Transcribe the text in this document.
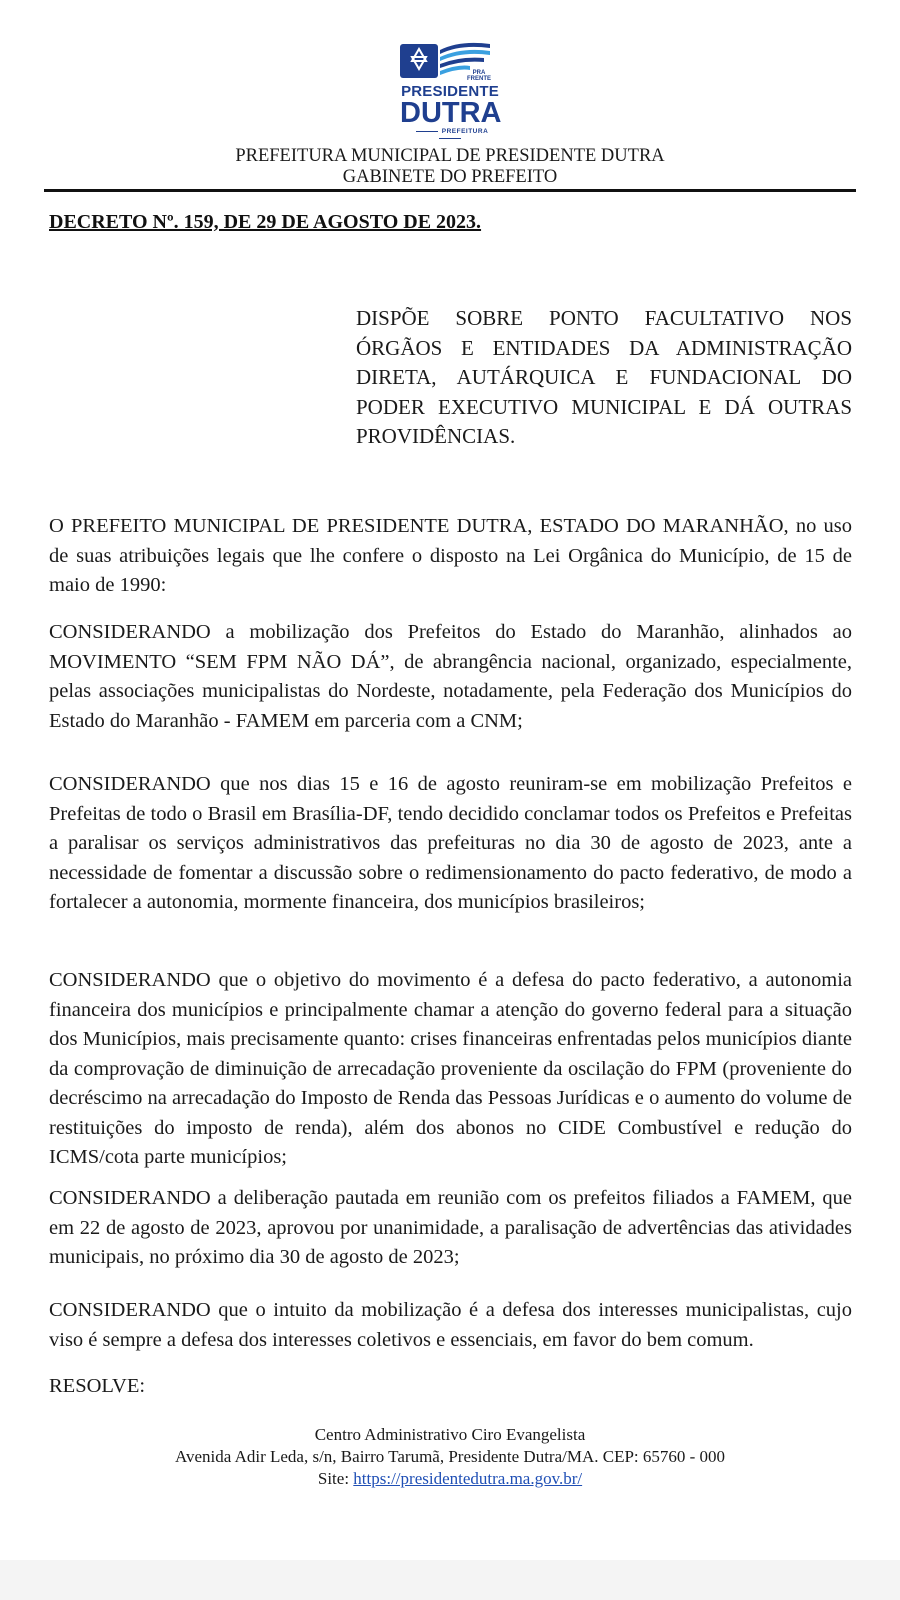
PRA
FRENTE
PRESIDENTE
DUTRA
PREFEITURA
PREFEITURA MUNICIPAL DE PRESIDENTE DUTRA
GABINETE DO PREFEITO
DECRETO Nº. 159, DE 29 DE AGOSTO DE 2023.
DISPÕE SOBRE PONTO FACULTATIVO NOS ÓRGÃOS E ENTIDADES DA ADMINISTRAÇÃO DIRETA, AUTÁRQUICA E FUNDACIONAL DO PODER EXECUTIVO MUNICIPAL E DÁ OUTRAS PROVIDÊNCIAS.

O PREFEITO MUNICIPAL DE PRESIDENTE DUTRA, ESTADO DO MARANHÃO, no uso de suas atribuições legais que lhe confere o disposto na Lei Orgânica do Município, de 15 de maio de 1990:

CONSIDERANDO a mobilização dos Prefeitos do Estado do Maranhão, alinhados ao MOVIMENTO “SEM FPM NÃO DÁ”, de abrangência nacional, organizado, especialmente, pelas associações municipalistas do Nordeste, notadamente, pela Federação dos Municípios do Estado do Maranhão - FAMEM em parceria com a CNM;

CONSIDERANDO que nos dias 15 e 16 de agosto reuniram-se em mobilização Prefeitos e Prefeitas de todo o Brasil em Brasília-DF, tendo decidido conclamar todos os Prefeitos e Prefeitas a paralisar os serviços administrativos das prefeituras no dia 30 de agosto de 2023, ante a necessidade de fomentar a discussão sobre o redimensionamento do pacto federativo, de modo a fortalecer a autonomia, mormente financeira, dos municípios brasileiros;

CONSIDERANDO que o objetivo do movimento é a defesa do pacto federativo, a autonomia financeira dos municípios e principalmente chamar a atenção do governo federal para a situação dos Municípios, mais precisamente quanto: crises financeiras enfrentadas pelos municípios diante da comprovação de diminuição de arrecadação proveniente da oscilação do FPM (proveniente do decréscimo na arrecadação do Imposto de Renda das Pessoas Jurídicas e o aumento do volume de restituições do imposto de renda), além dos abonos no CIDE Combustível e redução do ICMS/cota parte municípios;

CONSIDERANDO a deliberação pautada em reunião com os prefeitos filiados a FAMEM, que em 22 de agosto de 2023, aprovou por unanimidade, a paralisação de advertências das atividades municipais, no próximo dia 30 de agosto de 2023;

CONSIDERANDO que o intuito da mobilização é a defesa dos interesses municipalistas, cujo viso é sempre a defesa dos interesses coletivos e essenciais, em favor do bem comum.

RESOLVE:

Centro Administrativo Ciro Evangelista
Avenida Adir Leda, s/n, Bairro Tarumã, Presidente Dutra/MA. CEP: 65760 - 000
Site: https://presidentedutra.ma.gov.br/
